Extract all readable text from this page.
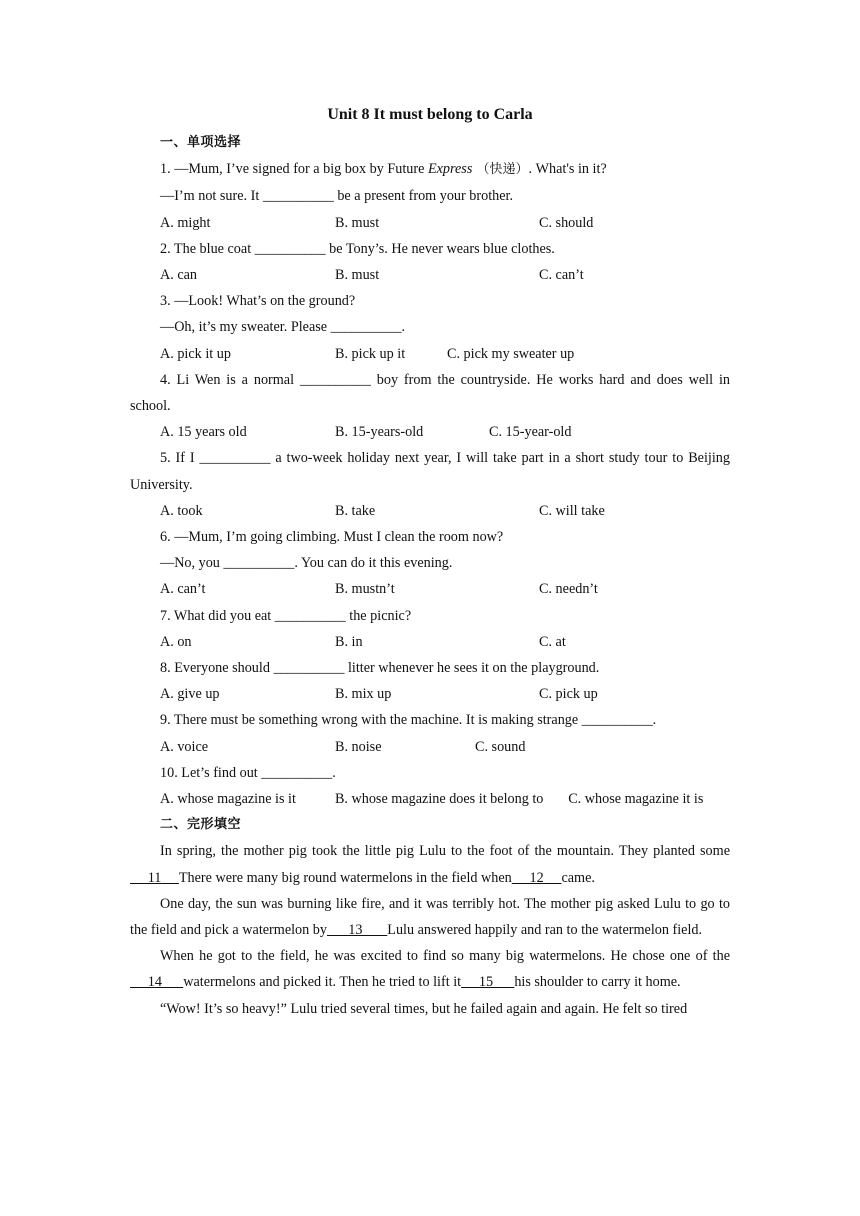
Unit 8 It must belong to Carla
一、单项选择
1. —Mum, I’ve signed for a big box by Future Express （快递）. What's in it?
—I’m not sure. It __________ be a present from your brother.
A. might	B. must	C. should
2. The blue coat __________ be Tony’s. He never wears blue clothes.
A. can	B. must	C. can’t
3. —Look! What’s on the ground?
—Oh, it’s my sweater. Please __________.
A. pick it up	B. pick up it	C. pick my sweater up
4. Li Wen is a normal __________ boy from the countryside. He works hard and does well in school.
A. 15 years old	B. 15-years-old	C. 15-year-old
5. If I __________ a two-week holiday next year, I will take part in a short study tour to Beijing University.
A. took	B. take	C. will take
6. —Mum, I’m going climbing. Must I clean the room now?
—No, you __________. You can do it this evening.
A. can’t	B. mustn’t	C. needn’t
7. What did you eat __________ the picnic?
A. on	B. in	C. at
8. Everyone should __________ litter whenever he sees it on the playground.
A. give up	B. mix up	C. pick up
9. There must be something wrong with the machine. It is making strange __________.
A. voice	B. noise	C. sound
10. Let’s find out __________.
A. whose magazine is it           B. whose magazine does it belong to       C. whose magazine it is
二、完形填空
In spring, the mother pig took the little pig Lulu to the foot of the mountain. They planted some     11     There were many big round watermelons in the field when     12     came.
One day, the sun was burning like fire, and it was terribly hot. The mother pig asked Lulu to go to the field and pick a watermelon by      13       Lulu answered happily and ran to the watermelon field.
When he got to the field, he was excited to find so many big watermelons. He chose one of the     14      watermelons and picked it. Then he tried to lift it     15      his shoulder to carry it home.
“Wow! It’s so heavy!” Lulu tried several times, but he failed again and again. He felt so tired
